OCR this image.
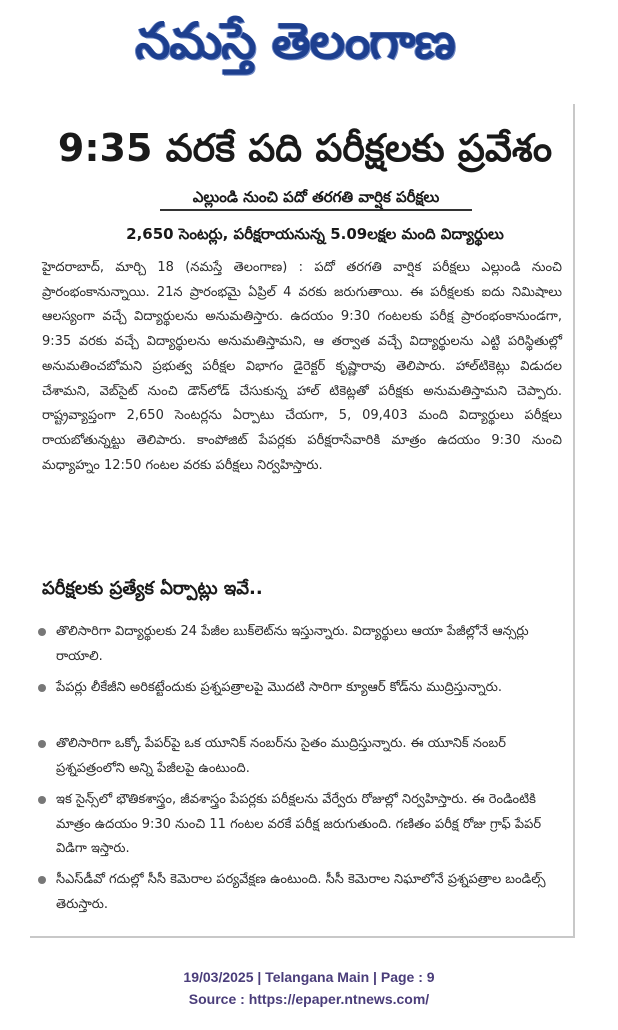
నమస్తే తెలంగాణ
9:35 వరకే పది పరీక్షలకు ప్రవేశం
ఎల్లుండి నుంచి పదో తరగతి వార్షిక పరీక్షలు
2,650 సెంటర్లు, పరీక్షరాయనున్న 5.09లక్షల మంది విద్యార్థులు
హైదరాబాద్, మార్చి 18 (నమస్తే తెలంగాణ) : పదో తరగతి వార్షిక పరీక్షలు ఎల్లుండి నుంచి ప్రారంభంకానున్నాయి. 21న ప్రారంభమై ఏప్రిల్ 4 వరకు జరుగుతాయి. ఈ పరీక్షలకు ఐదు నిమిషాలు ఆలస్యంగా వచ్చే విద్యార్థులను అనుమతిస్తారు. ఉదయం 9:30 గంటలకు పరీక్ష ప్రారంభంకానుండగా, 9:35 వరకు వచ్చే విద్యార్థులను అనుమతిస్తామని, ఆ తర్వాత వచ్చే విద్యార్థులను ఎట్టి పరిస్థితుల్లో అనుమతించబోమని ప్రభుత్వ పరీక్షల విభాగం డైరెక్టర్ కృష్ణారావు తెలిపారు. హాల్‌టికెట్లు విడుదల చేశామని, వెబ్‌సైట్ నుంచి డౌన్‌లోడ్ చేసుకున్న హాల్ టికెట్లతో పరీక్షకు అనుమతిస్తామని చెప్పారు. రాష్ట్రవ్యాప్తంగా 2,650 సెంటర్లను ఏర్పాటు చేయగా, 5, 09,403 మంది విద్యార్థులు పరీక్షలు రాయబోతున్నట్టు తెలిపారు. కాంపోజిట్ పేపర్లకు పరీక్షరాసేవారికి మాత్రం ఉదయం 9:30 నుంచి మధ్యాహ్నం 12:50 గంటల వరకు పరీక్షలు నిర్వహిస్తారు.
పరీక్షలకు ప్రత్యేక ఏర్పాట్లు ఇవే..
తొలిసారిగా విద్యార్థులకు 24 పేజీల బుక్‌లెట్‌ను ఇస్తున్నారు. విద్యార్థులు ఆయా పేజీల్లోనే ఆన్సర్లు రాయాలి.
పేపర్లు లీకేజీని అరికట్టేందుకు ప్రశ్నపత్రాలపై మొదటి సారిగా క్యూఆర్ కోడ్‌ను ముద్రిస్తున్నారు.
తొలిసారిగా ఒక్కో పేపర్‌పై ఒక యూనిక్ నంబర్‌ను సైతం ముద్రిస్తున్నారు. ఈ యూనిక్ నంబర్ ప్రశ్నపత్రంలోని అన్ని పేజీలపై ఉంటుంది.
ఇక సైన్స్‌లో భౌతికశాస్త్రం, జీవశాస్త్రం పేపర్లకు పరీక్షలను వేర్వేరు రోజుల్లో నిర్వహిస్తారు. ఈ రెండింటికి మాత్రం ఉదయం 9:30 నుంచి 11 గంటల వరకే పరీక్ష జరుగుతుంది. గణితం పరీక్ష రోజు గ్రాఫ్ పేపర్ విడిగా ఇస్తారు.
సీఎస్‌డీవో గదుల్లో సీసీ కెమెరాల పర్యవేక్షణ ఉంటుంది. సీసీ కెమెరాల నిఘాలోనే ప్రశ్నపత్రాల బండిల్స్ తెరుస్తారు.
19/03/2025 | Telangana Main | Page : 9
Source : https://epaper.ntnews.com/
